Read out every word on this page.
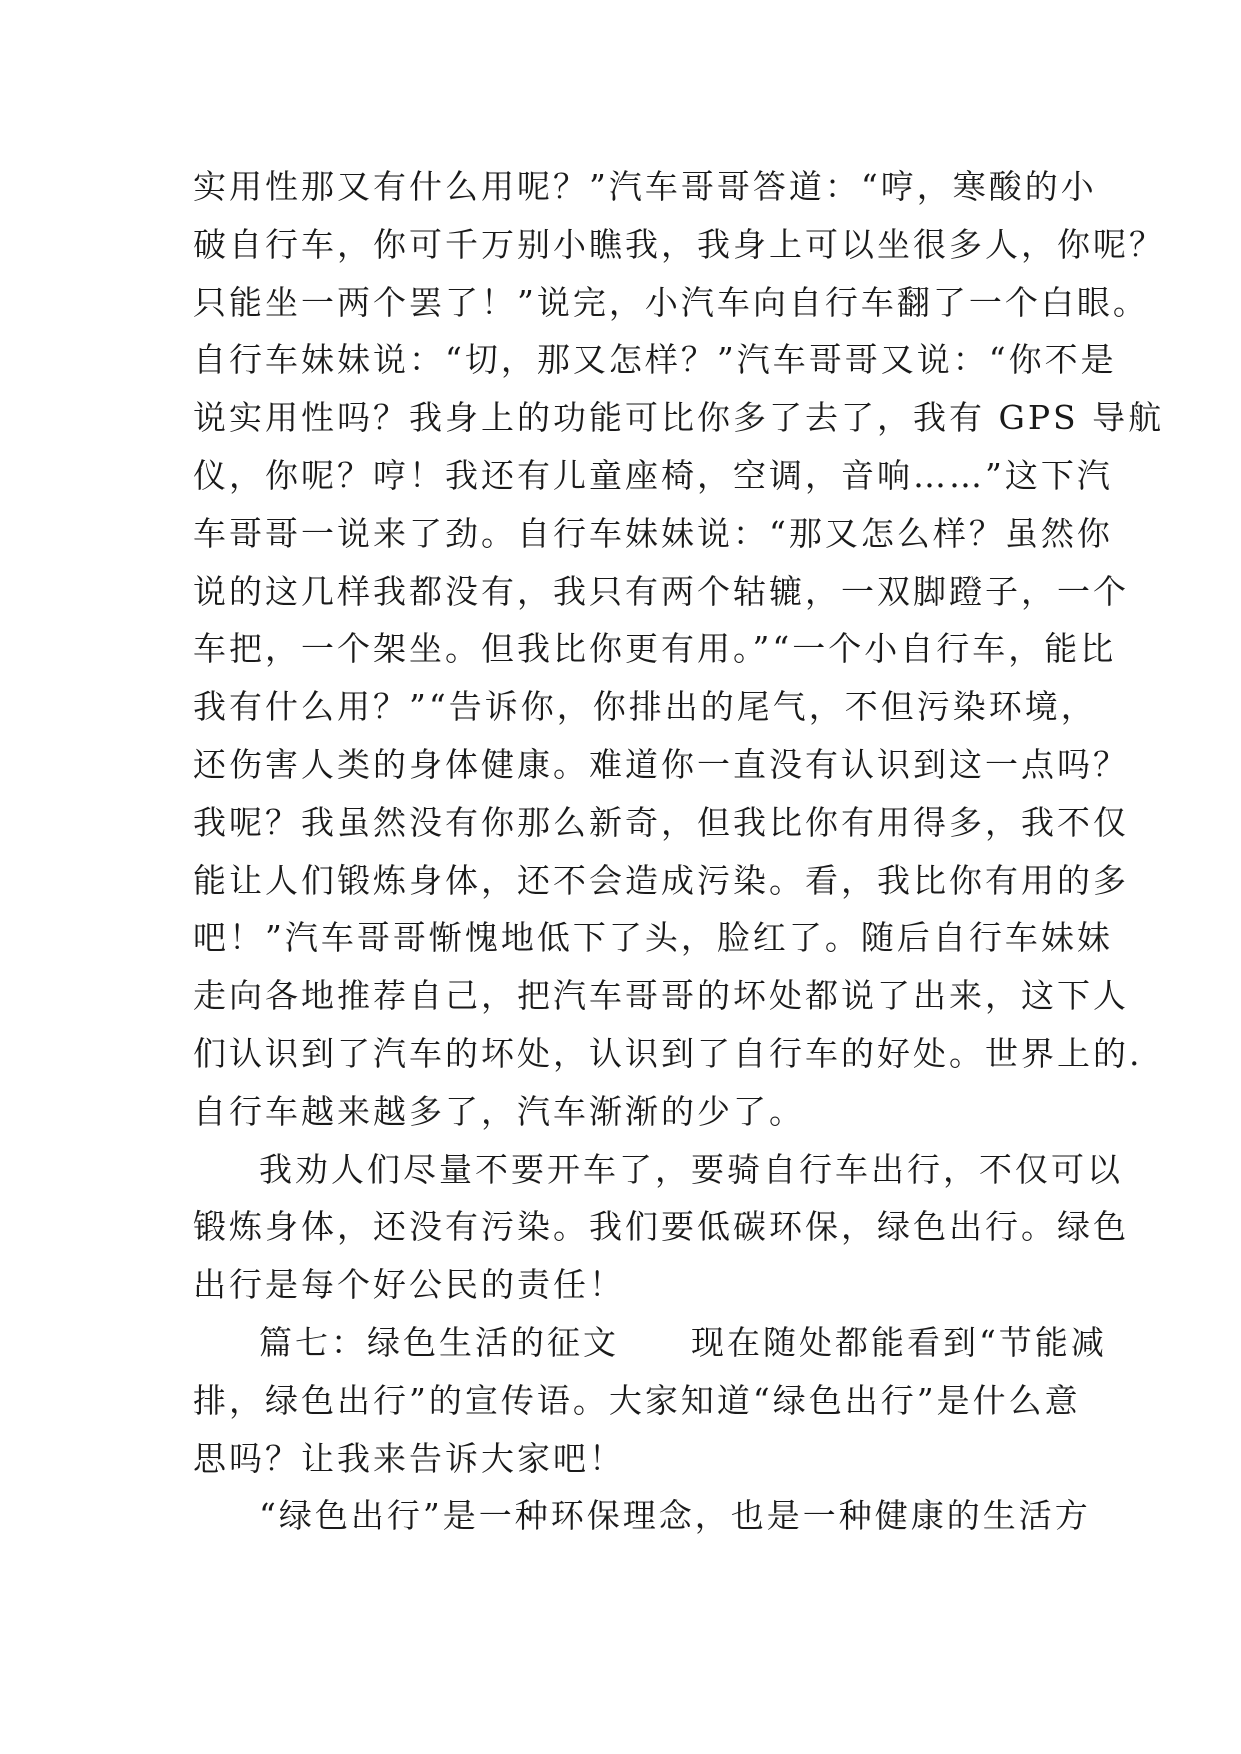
实用性那又有什么用呢？”汽车哥哥答道：“哼，寒酸的小
破自行车，你可千万别小瞧我，我身上可以坐很多人，你呢？
只能坐一两个罢了！”说完，小汽车向自行车翻了一个白眼。
自行车妹妹说：“切，那又怎样？”汽车哥哥又说：“你不是
说实用性吗？我身上的功能可比你多了去了，我有 GPS 导航
仪，你呢？哼！我还有儿童座椅，空调，音响……”这下汽
车哥哥一说来了劲。自行车妹妹说：“那又怎么样？虽然你
说的这几样我都没有，我只有两个轱辘，一双脚蹬子，一个
车把，一个架坐。但我比你更有用。”“一个小自行车，能比
我有什么用？”“告诉你，你排出的尾气，不但污染环境，
还伤害人类的身体健康。难道你一直没有认识到这一点吗？
我呢？我虽然没有你那么新奇，但我比你有用得多，我不仅
能让人们锻炼身体，还不会造成污染。看，我比你有用的多
吧！”汽车哥哥惭愧地低下了头，脸红了。随后自行车妹妹
走向各地推荐自己，把汽车哥哥的坏处都说了出来，这下人
们认识到了汽车的坏处，认识到了自行车的好处。世界上的.
自行车越来越多了，汽车渐渐的少了。
我劝人们尽量不要开车了，要骑自行车出行，不仅可以
锻炼身体，还没有污染。我们要低碳环保，绿色出行。绿色
出行是每个好公民的责任！
篇七：绿色生活的征文　　现在随处都能看到“节能减
排，绿色出行”的宣传语。大家知道“绿色出行”是什么意
思吗？让我来告诉大家吧！
“绿色出行”是一种环保理念，也是一种健康的生活方
